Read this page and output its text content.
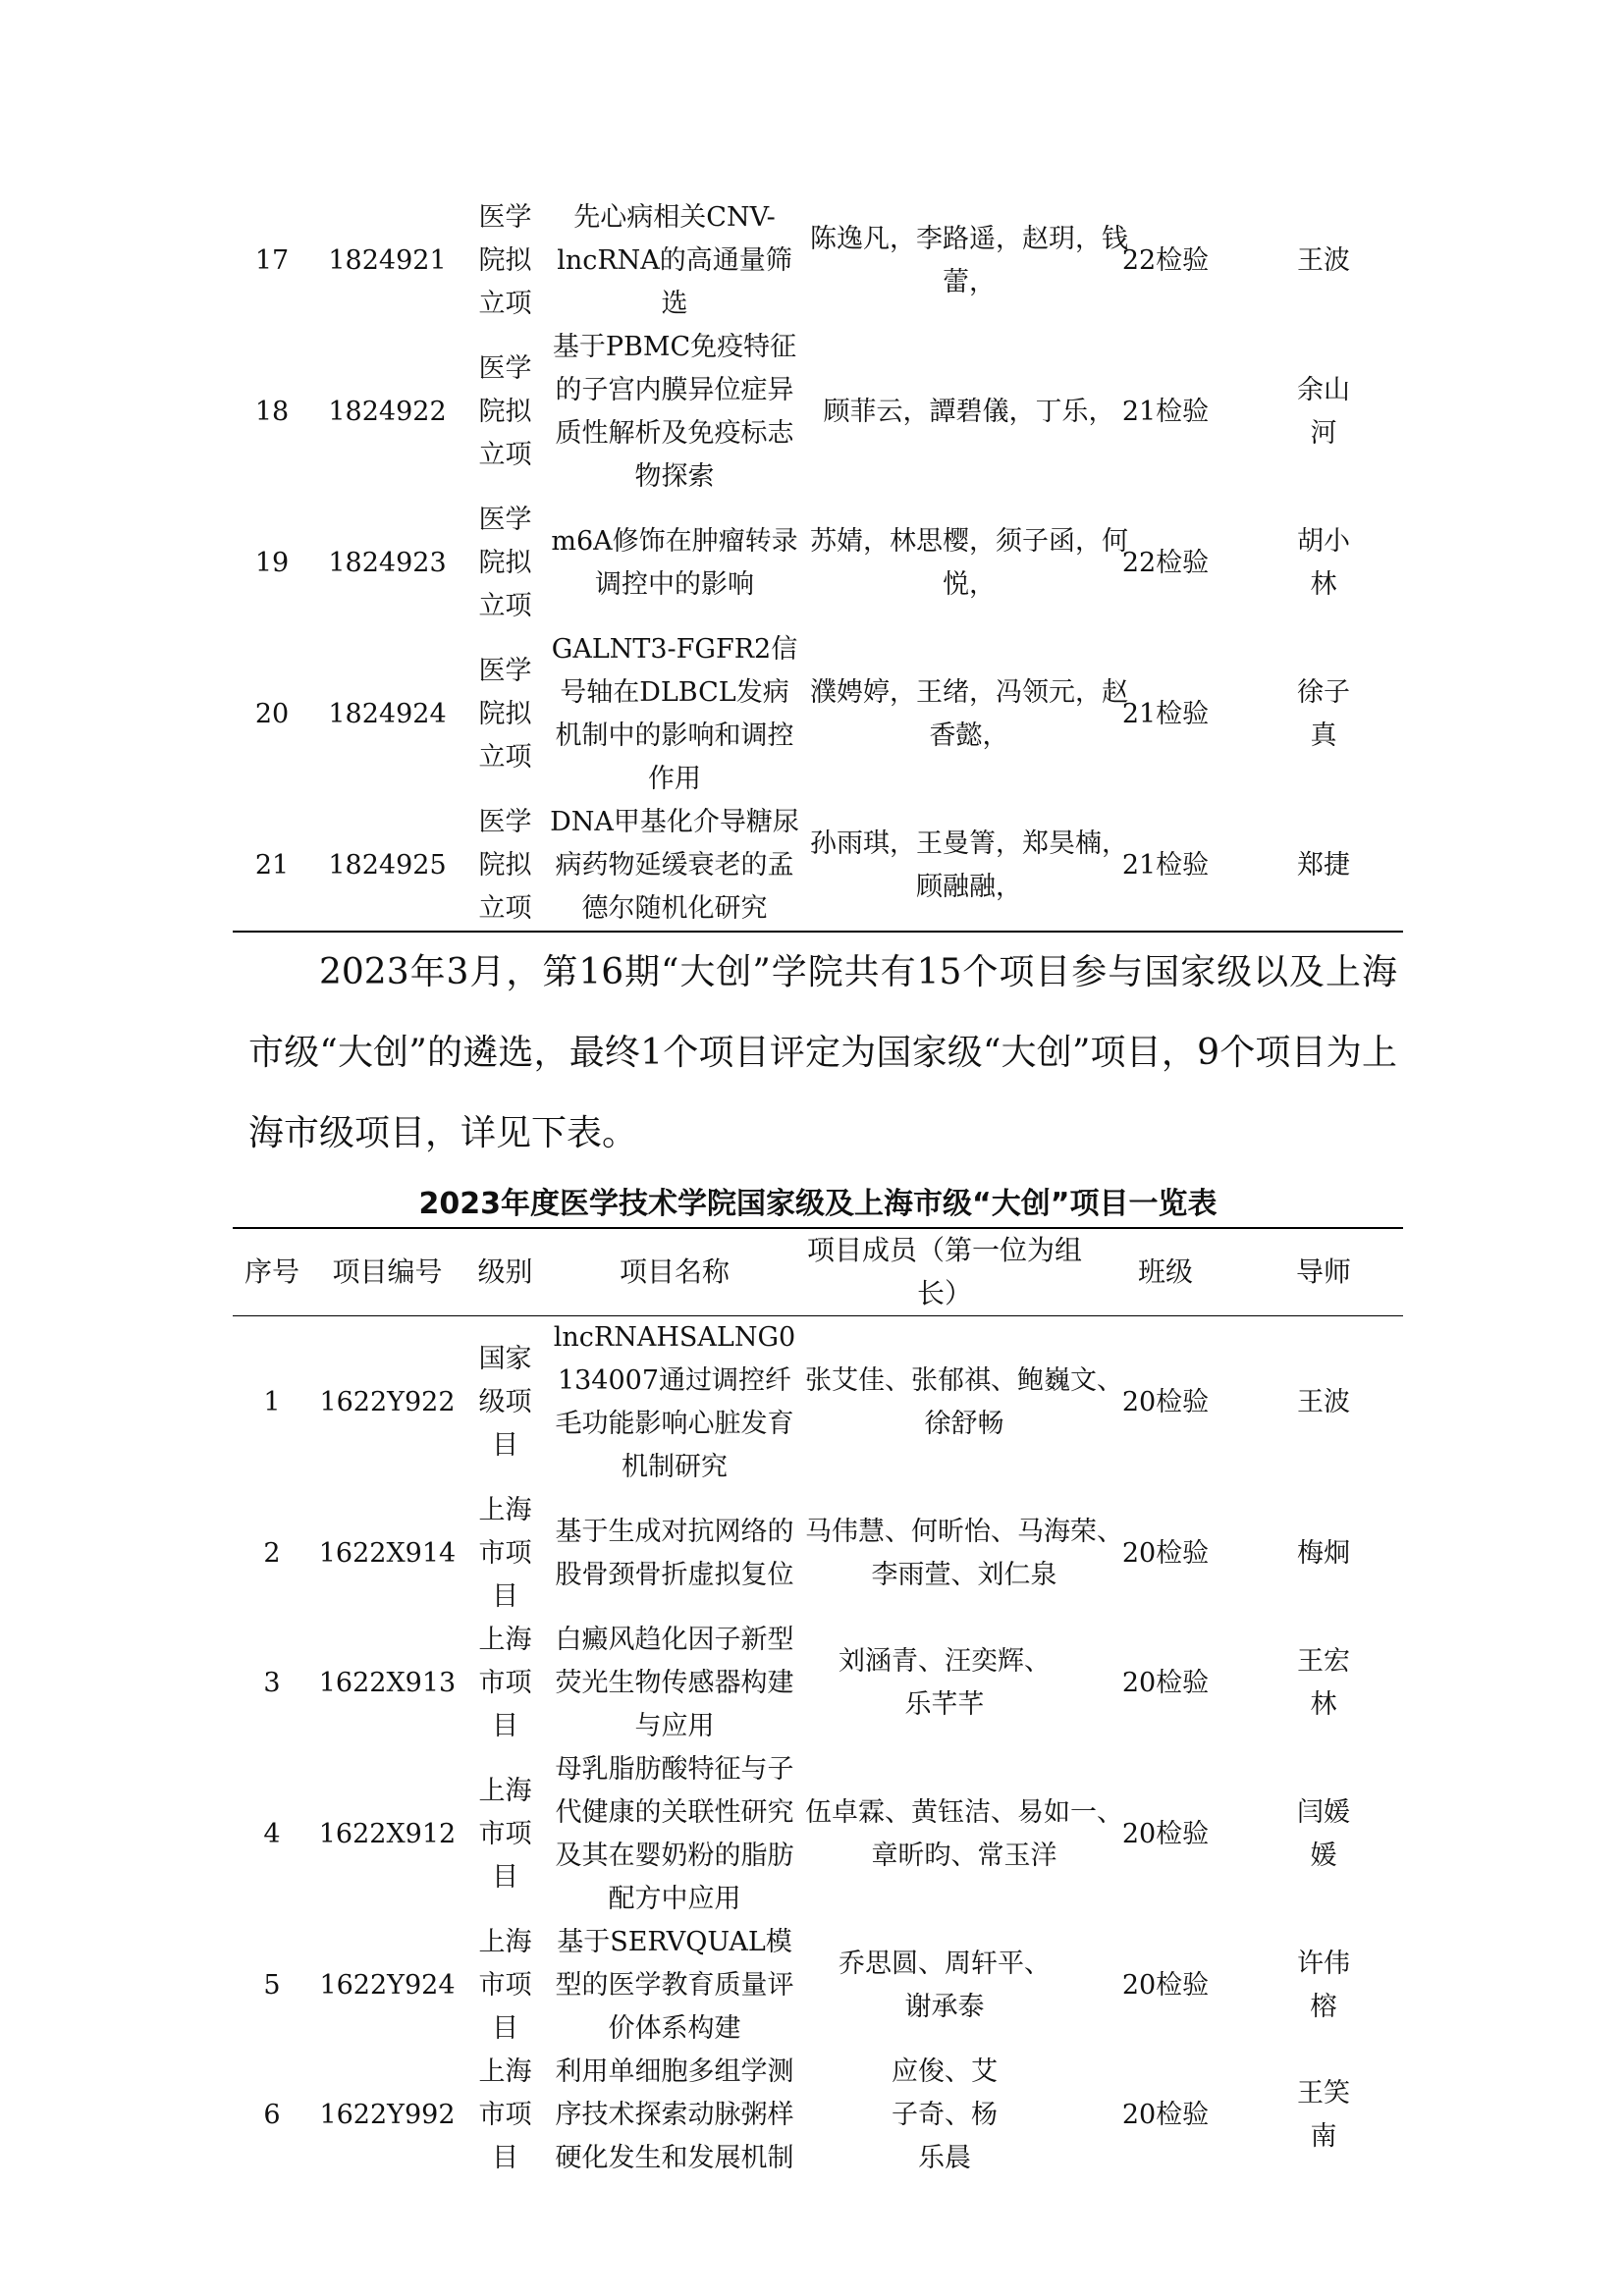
17	1824921	医学院拟立项	先心病相关CNV-lncRNA的高通量筛选	陈逸凡，李路遥，赵玥，钱蕾，	22检验	王波

18	1824922	医学院拟立项	基于PBMC免疫特征的子宫内膜异位症异质性解析及免疫标志物探索	顾菲云，譚碧儀，丁乐，	21检验	余山河

19	1824923	医学院拟立项	m6A修饰在肿瘤转录调控中的影响	苏婧，林思樱，须子函，何悦，	22检验	胡小林

20	1824924	医学院拟立项	GALNT3-FGFR2信号轴在DLBCL发病机制中的影响和调控作用	濮娉婷，王绪，冯领元，赵香懿，	21检验	徐子真

21	1824925	医学院拟立项	DNA甲基化介导糖尿病药物延缓衰老的孟德尔随机化研究	孙雨琪，王曼箐，郑昊楠，顾融融，	21检验	郑捷

2023年3月，第16期“大创”学院共有15个项目参与国家级以及上海市级“大创”的遴选，最终1个项目评定为国家级“大创”项目，9个项目为上海市级项目，详见下表。

2023年度医学技术学院国家级及上海市级“大创”项目一览表
序号	项目编号	级别	项目名称	项目成员（第一位为组长）	班级	导师
1	1622Y922	国家级项目	lncRNAHSALNG0134007通过调控纤毛功能影响心脏发育机制研究	张艾佳、张郁祺、鲍巍文、徐舒畅	20检验	王波

2	1622X914	上海市项目	基于生成对抗网络的股骨颈骨折虚拟复位	马伟慧、何昕怡、马海荣、李雨萱、刘仁泉	20检验	梅炯

3	1622X913	上海市项目	白癜风趋化因子新型荧光生物传感器构建与应用	刘涵青、汪奕辉、乐芊芊	20检验	王宏林

4	1622X912	上海市项目	母乳脂肪酸特征与子代健康的关联性研究及其在婴奶粉的脂肪配方中应用	伍卓霖、黄钰洁、易如一、章昕昀、常玉洋	20检验	闫媛媛

5	1622Y924	上海市项目	基于SERVQUAL模型的医学教育质量评价体系构建	乔思圆、周轩平、谢承泰	20检验	许伟榕

6	1622Y992	上海市项目	利用单细胞多组学测序技术探索动脉粥样硬化发生和发展机制	应俊、艾子奇、杨乐晨	20检验	王笑南
